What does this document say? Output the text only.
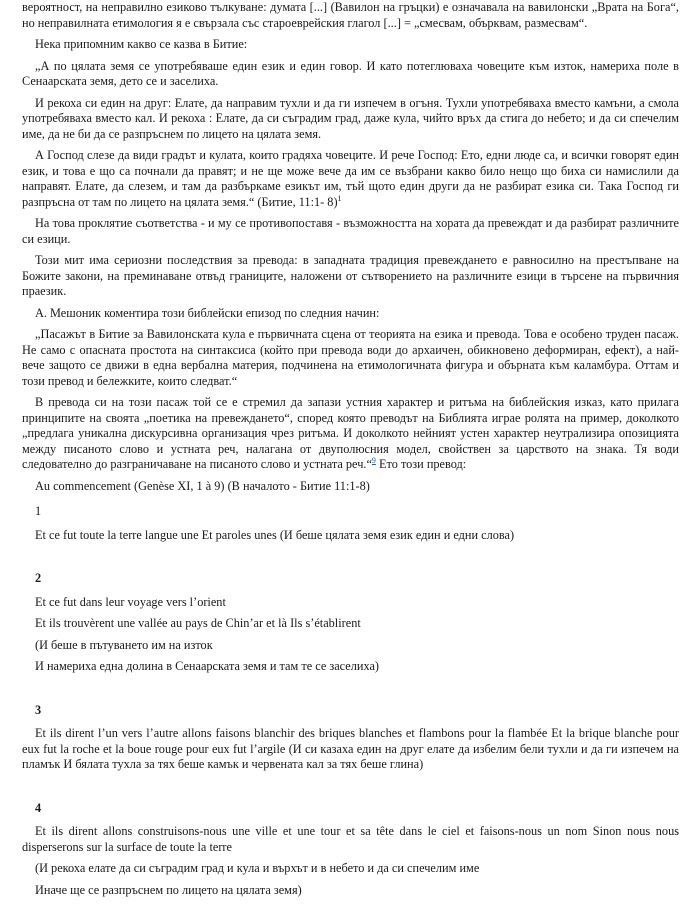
вероятност, на неправилно езиково тълкуване: думата [...] (Вавилон на гръцки) е означавала на вавилонски „Врата на Бога“, но неправилната етимология я е свързала със староеврейския глагол [...] = „смесвам, обърквам, размесвам“.

Нека припомним какво се казва в Битие:

„А по цялата земя се употребяваше един език и един говор. И като потеглюваха човеците към изток, намериха поле в Сенаарската земя, дето се и заселиха.

И рекоха си един на друг: Елате, да направим тухли и да ги изпечем в огъня. Тухли употребяваха вместо камъни, а смола употребяваха вместо кал. И рекоха : Елате, да си съградим град, даже кула, чийто връх да стига до небето; и да си спечелим име, да не би да се разпръснем по лицето на цялата земя.

А Господ слезе да види градът и кулата, които градяха човеците. И рече Господ: Ето, едни люде са, и всички говорят един език, и това е що са почнали да правят; и не ще може вече да им се възбрани какво било нещо що биха си намислили да направят. Елате, да слезем, и там да разбъркаме езикът им, тъй щото един други да не разбират езика си. Така Господ ги разпръсна от там по лицето на цялата земя.“ (Битие, 11:1- 8)$^1$

На това проклятие съответства - и му се противопоставя - възможността на хората да превеждат и да разбират различните си езици.

Този мит има сериозни последствия за превода: в западната традиция превеждането е равносилно на престъпване на Божите закони, на преминаване отвъд границите, наложени от сътворението на различните езици в търсене на първичния праезик.

А. Мешоник коментира този библейски епизод по следния начин:

„Пасажът в Битие за Вавилонската кула е първичната сцена от теорията на езика и превода. Това е особено труден пасаж. Не само с опасната простота на синтаксиса (който при превода води до архаичен, обикновено деформиран, ефект), а най-вече защото се движи в една вербална материя, подчинена на етимологичната фигура и обърната към каламбура. Оттам и този превод и бележките, които следват.“

В превода си на този пасаж той се е стремил да запази устния характер и ритъма на библейския изказ, като прилага принципите на своята „поетика на превеждането“, според която преводът на Библията играе ролята на пример, доколкото „предлага уникална дискурсивна организация чрез ритъма. И доколкото нейният устен характер неутрализира опозицията между писаното слово и устната реч, налагана от двуполюсния модел, свойствен за царството на знака. Тя води следователно до разграничаване на писаното слово и устната реч.“$^9$ Ето този превод:

Au commencement (Genèse XI, 1 à 9) (В началото - Битие 11:1-8)

1

Et ce fut toute la terre langue une Et paroles unes (И беше цялата земя език един и едни слова)

2

Et ce fut dans leur voyage vers l’orient

Et ils trouvèrent une vallée au pays de Chin’ar et là Ils s’établirent

(И беше в пътуването им на изток

И намериха една долина в Сенаарската земя и там те се заселиха)

3

Et ils dirent l’un vers l’autre allons faisons blanchir des briques blanches et flambons pour la flambée Et la brique blanche pour eux fut la roche et la boue rouge pour eux fut l’argile (И си казаха един на друг елате да избелим бели тухли и да ги изпечем на пламък И бялата тухла за тях беше камък и червената кал за тях беше глина)

4

Et ils dirent allons construisons-nous une ville et une tour et sa tête dans le ciel et faisons-nous un nom Sinon nous nous disperserons sur la surface de toute la terre

(И рекоха елате да си съградим град и кула и върхът и в небето и да си спечелим име

Иначе ще се разпръснем по лицето на цялата земя)
